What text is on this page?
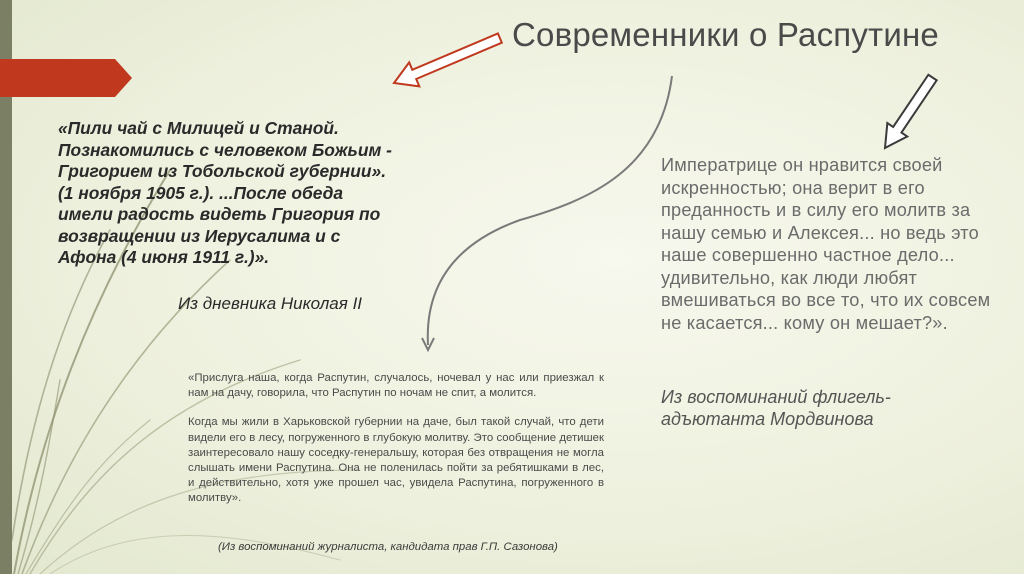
Современники о Распутине
«Пили чай с Милицей и Станой. Познакомились с человеком Божьим - Григорием из Тобольской губернии». (1 ноября 1905 г.). ...После обеда имели радость видеть Григория по возвращении из Иерусалима и с Афона (4 июня 1911 г.)».
Из дневника Николая II
Императрице он нравится своей искренностью; она верит в его преданность и в силу его молитв за нашу семью и Алексея... но ведь это наше совершенно частное дело... удивительно, как люди любят вмешиваться во все то, что их совсем не касается... кому он мешает?».
Из воспоминаний флигель-адъютанта Мордвинова

«Прислуга наша, когда Распутин, случалось, ночевал у нас или приезжал к нам на дачу, говорила, что Распутин по ночам не спит, а молится.

Когда мы жили в Харьковской губернии на даче, был такой случай, что дети видели его в лесу, погруженного в глубокую молитву. Это сообщение детишек заинтересовало нашу соседку-генеральшу, которая без отвращения не могла слышать имени Распутина. Она не поленилась пойти за ребятишками в лес, и действительно, хотя уже прошел час, увидела Распутина, погруженного в молитву».

(Из воспоминаний журналиста, кандидата прав Г.П. Сазонова)
